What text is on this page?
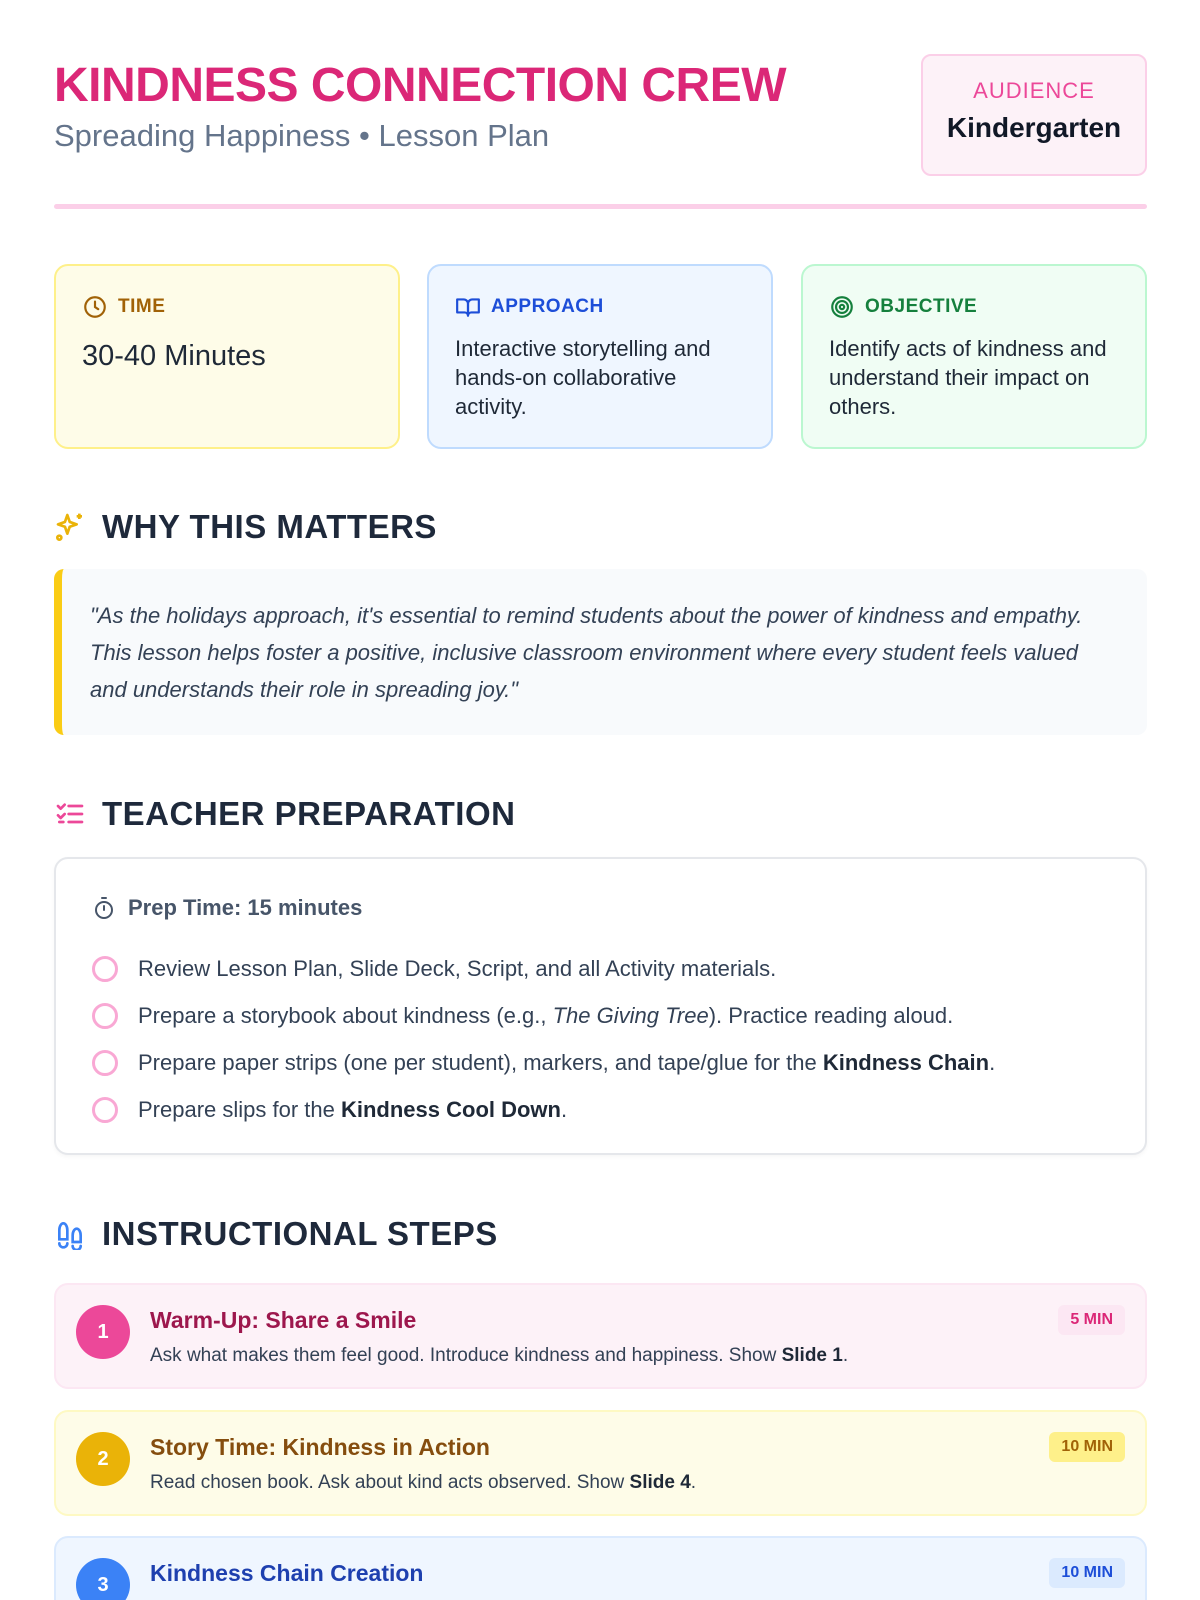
KINDNESS CONNECTION CREW
Spreading Happiness • Lesson Plan
AUDIENCE
Kindergarten
TIME
30-40 Minutes
APPROACH
Interactive storytelling and hands-on collaborative activity.
OBJECTIVE
Identify acts of kindness and understand their impact on others.
WHY THIS MATTERS

"As the holidays approach, it's essential to remind students about the power of kindness and empathy. This lesson helps foster a positive, inclusive classroom environment where every student feels valued and understands their role in spreading joy."

TEACHER PREPARATION
Prep Time: 15 minutes
Review Lesson Plan, Slide Deck, Script, and all Activity materials.
Prepare a storybook about kindness (e.g., The Giving Tree). Practice reading aloud.
Prepare paper strips (one per student), markers, and tape/glue for the Kindness Chain.
Prepare slips for the Kindness Cool Down.
INSTRUCTIONAL STEPS
1	Warm-Up: Share a Smile
Ask what makes them feel good. Introduce kindness and happiness. Show Slide 1.
5 MIN
2	Story Time: Kindness in Action
Read chosen book. Ask about kind acts observed. Show Slide 4.
10 MIN
3	Kindness Chain Creation	10 MIN
